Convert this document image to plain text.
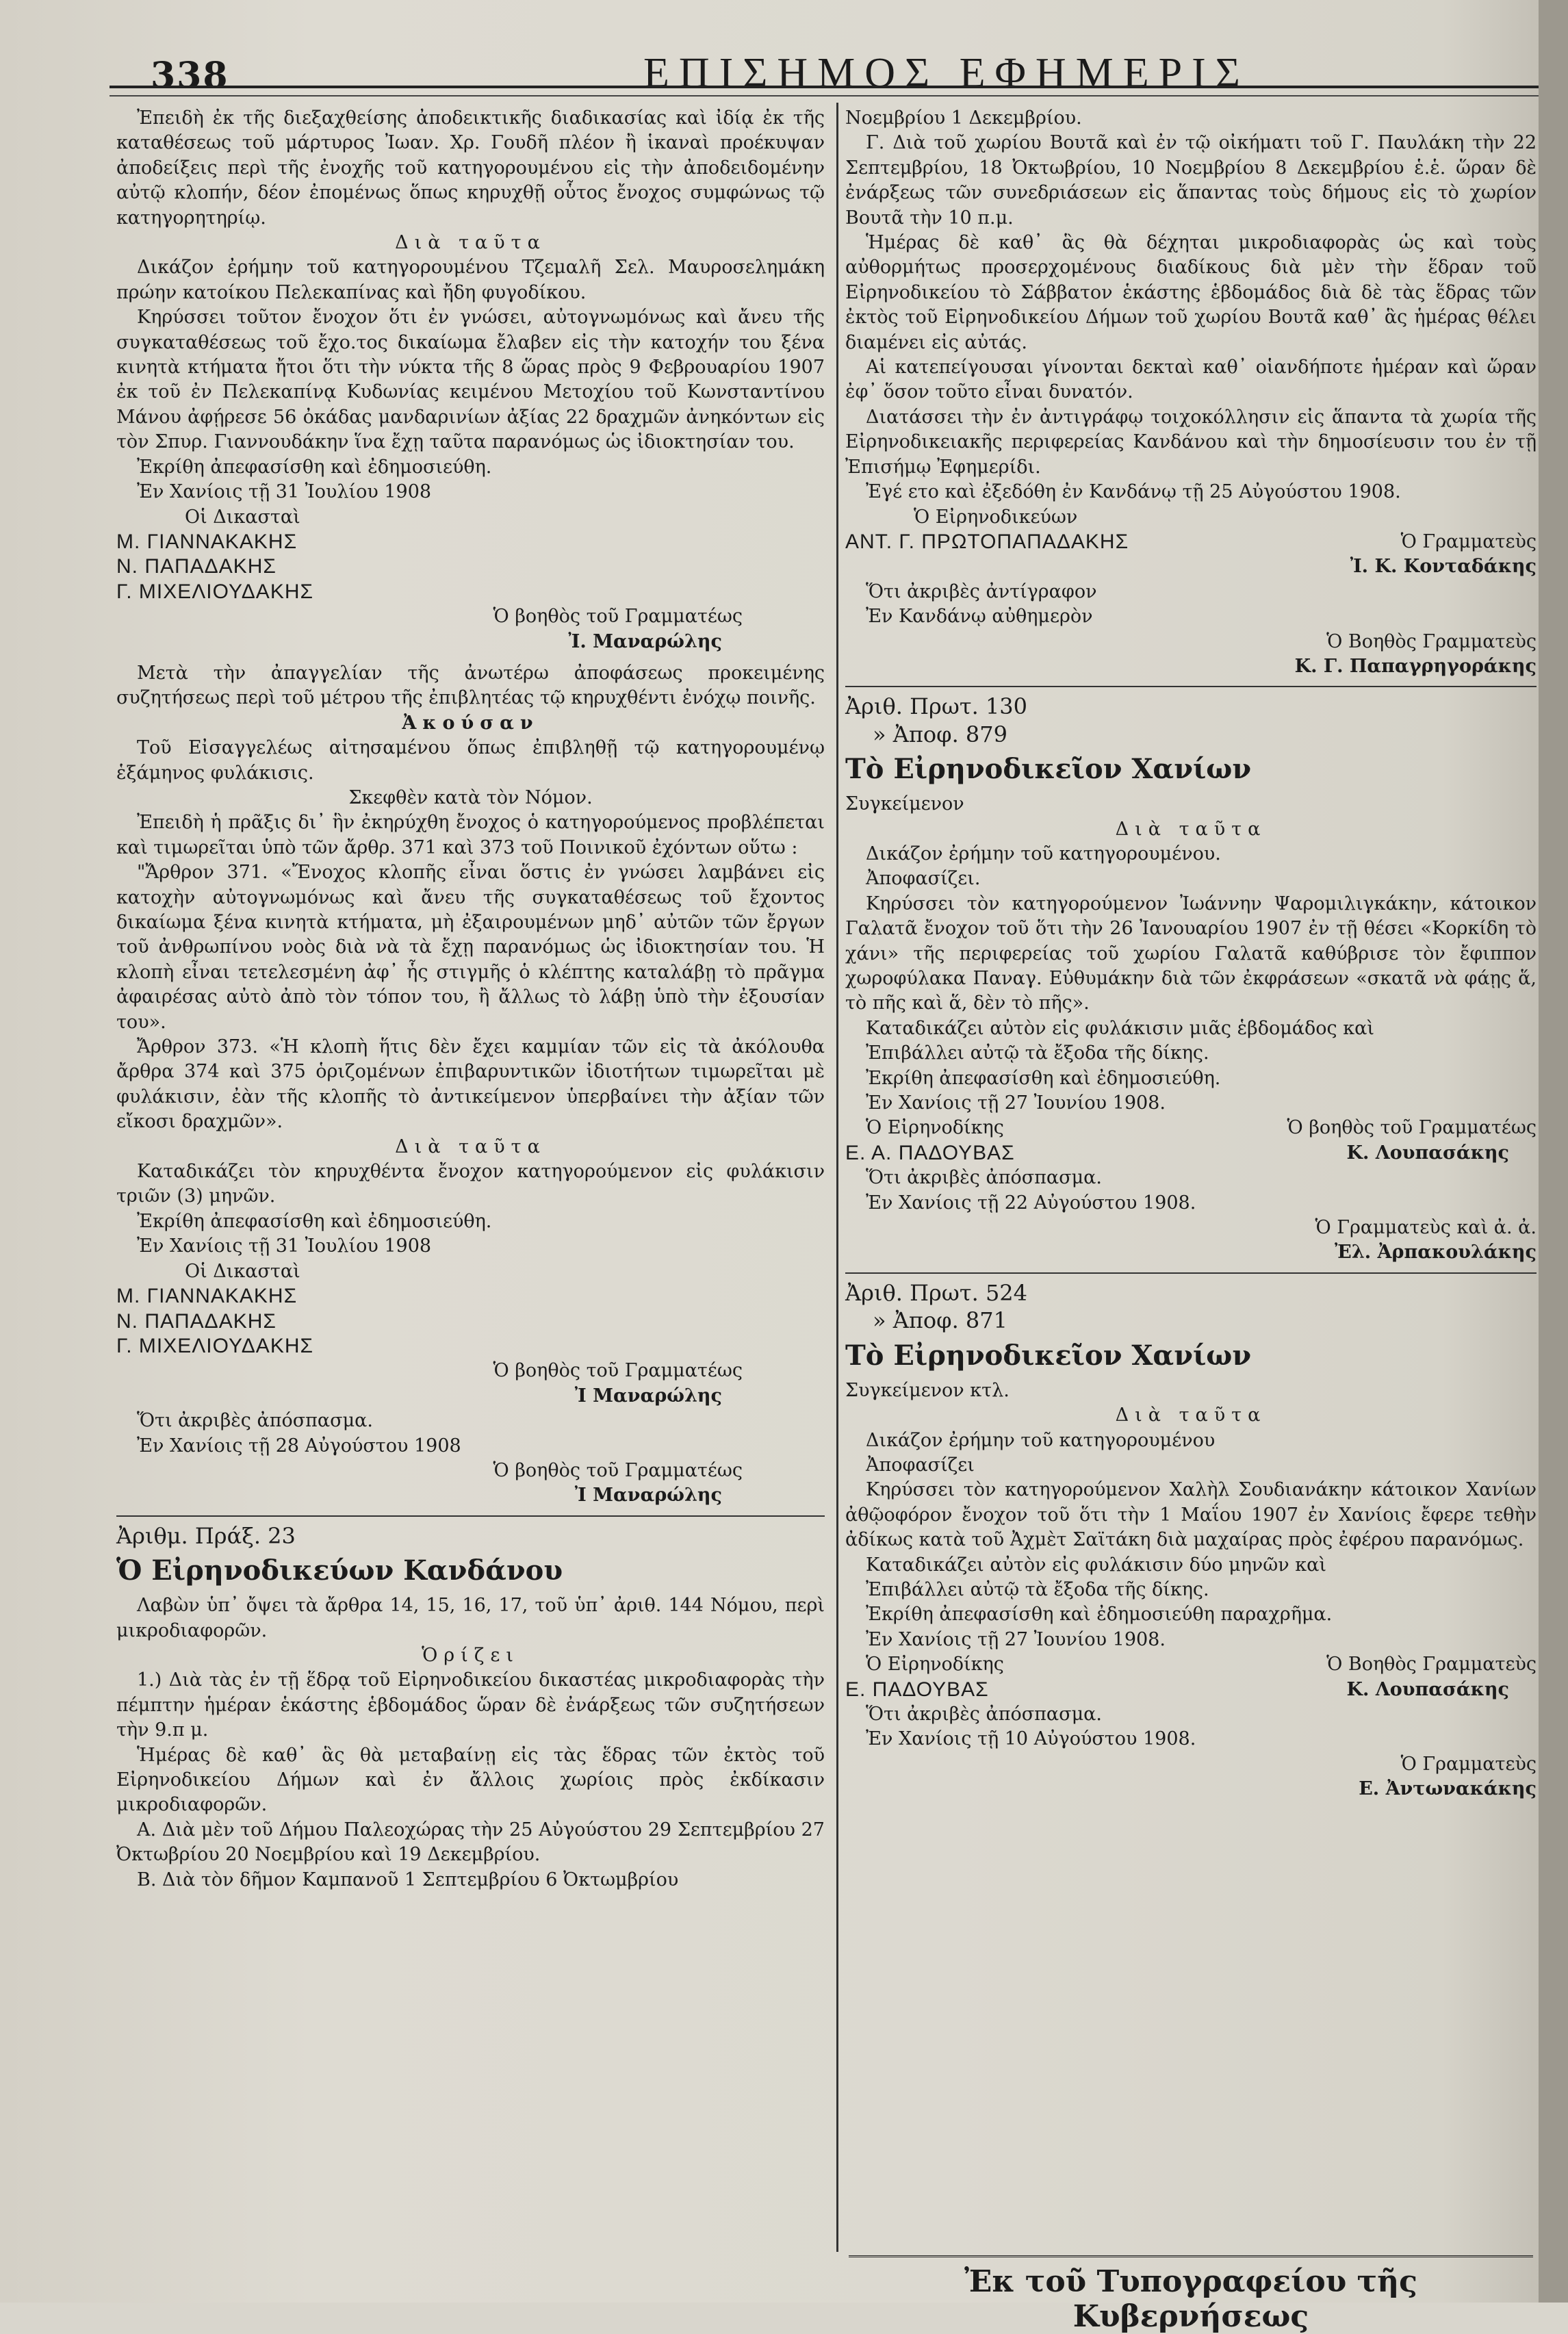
338	ΕΠΙΣΗΜΟΣ ΕΦΗΜΕΡΙΣ

Ἐπειδὴ ἐκ τῆς διεξαχθείσης ἀποδεικτικῆς διαδικασίας καὶ ἰδίᾳ ἐκ τῆς καταθέσεως τοῦ μάρτυρος Ἰωαν. Χρ. Γουδῆ πλέον ἢ ἱκαναὶ προέκυψαν ἀποδείξεις περὶ τῆς ἐνοχῆς τοῦ κατηγορουμένου εἰς τὴν ἀποδειδομένην αὐτῷ κλοπήν, δέον ἐπομένως ὅπως κηρυχθῇ οὗτος ἔνοχος συμφώνως τῷ κατηγορητηρίῳ.

Διὰ ταῦτα

Δικάζον ἐρήμην τοῦ κατηγορουμένου Τζεμαλῆ Σελ. Μαυροσελημάκη πρώην κατοίκου Πελεκαπίνας καὶ ἤδη φυγοδίκου.

Κηρύσσει τοῦτον ἔνοχον ὅτι ἐν γνώσει, αὐτογνωμόνως καὶ ἄνευ τῆς συγκαταθέσεως τοῦ ἔχο.τος δικαίωμα ἔλαβεν εἰς τὴν κατοχήν του ξένα κινητὰ κτήματα ἤτοι ὅτι τὴν νύκτα τῆς 8 ὥρας πρὸς 9 Φεβρουαρίου 1907 ἐκ τοῦ ἐν Πελεκαπίνᾳ Κυδωνίας κειμένου Μετοχίου τοῦ Κωνσταντίνου Μάνου ἀφῄρεσε 56 ὀκάδας μανδαρινίων ἀξίας 22 δραχμῶν ἀνηκόντων εἰς τὸν Σπυρ. Γιαννουδάκην ἵνα ἔχῃ ταῦτα παρανόμως ὡς ἰδιοκτησίαν του.

Ἐκρίθη ἀπεφασίσθη καὶ ἐδημοσιεύθη.

Ἐν Χανίοις τῇ 31 Ἰουλίου 1908

Οἱ Δικασταὶ

Μ. ΓΙΑΝΝΑΚΑΚΗΣ

Ν. ΠΑΠΑΔΑΚΗΣ

Γ. ΜΙΧΕΛΙΟΥΔΑΚΗΣ

Ὁ βοηθὸς τοῦ Γραμματέως

Ἰ. Μαναρώλης

Μετὰ τὴν ἀπαγγελίαν τῆς ἀνωτέρω ἀποφάσεως προκειμένης συζητήσεως περὶ τοῦ μέτρου τῆς ἐπιβλητέας τῷ κηρυχθέντι ἐνόχῳ ποινῆς.

Ἀκούσαν

Τοῦ Εἰσαγγελέως αἰτησαμένου ὅπως ἐπιβληθῇ τῷ κατηγορουμένῳ ἑξάμηνος φυλάκισις.

Σκεφθὲν κατὰ τὸν Νόμον.

Ἐπειδὴ ἡ πρᾶξις δι᾽ ἣν ἐκηρύχθη ἔνοχος ὁ κατηγορούμενος προβλέπεται καὶ τιμωρεῖται ὑπὸ τῶν ἄρθρ. 371 καὶ 373 τοῦ Ποινικοῦ ἐχόντων οὕτω :

"Ἄρθρον 371. «Ἔνοχος κλοπῆς εἶναι ὅστις ἐν γνώσει λαμβάνει εἰς κατοχὴν αὐτογνωμόνως καὶ ἄνευ τῆς συγκαταθέσεως τοῦ ἔχοντος δικαίωμα ξένα κινητὰ κτήματα, μὴ ἐξαιρουμένων μηδ᾽ αὐτῶν τῶν ἔργων τοῦ ἀνθρωπίνου νοὸς διὰ νὰ τὰ ἔχῃ παρανόμως ὡς ἰδιοκτησίαν του. Ἡ κλοπὴ εἶναι τετελεσμένη ἀφ᾽ ἧς στιγμῆς ὁ κλέπτης καταλάβῃ τὸ πρᾶγμα ἀφαιρέσας αὐτὸ ἀπὸ τὸν τόπον του, ἢ ἄλλως τὸ λάβῃ ὑπὸ τὴν ἐξουσίαν του».

Ἄρθρον 373. «Ἡ κλοπὴ ἥτις δὲν ἔχει καμμίαν τῶν εἰς τὰ ἀκόλουθα ἄρθρα 374 καὶ 375 ὁριζομένων ἐπιβαρυντικῶν ἰδιοτήτων τιμωρεῖται μὲ φυλάκισιν, ἐὰν τῆς κλοπῆς τὸ ἀντικείμενον ὑπερβαίνει τὴν ἀξίαν τῶν εἴκοσι δραχμῶν».

Διὰ ταῦτα

Καταδικάζει τὸν κηρυχθέντα ἔνοχον κατηγορούμενον εἰς φυλάκισιν τριῶν (3) μηνῶν.

Ἐκρίθη ἀπεφασίσθη καὶ ἐδημοσιεύθη.

Ἐν Χανίοις τῇ 31 Ἰουλίου 1908

Οἱ Δικασταὶ

Μ. ΓΙΑΝΝΑΚΑΚΗΣ

Ν. ΠΑΠΑΔΑΚΗΣ

Γ. ΜΙΧΕΛΙΟΥΔΑΚΗΣ

Ὁ βοηθὸς τοῦ Γραμματέως

Ἰ Μαναρώλης

Ὅτι ἀκριβὲς ἀπόσπασμα.

Ἐν Χανίοις τῇ 28 Αὐγούστου 1908

Ὁ βοηθὸς τοῦ Γραμματέως

Ἰ Μαναρώλης

Ἀριθμ. Πράξ. 23

Ὁ Εἰρηνοδικεύων Κανδάνου

Λαβὼν ὑπ᾽ ὄψει τὰ ἄρθρα 14, 15, 16, 17, τοῦ ὑπ᾽ ἀριθ. 144 Νόμου, περὶ μικροδιαφορῶν.

Ὁρίζει

1.) Διὰ τὰς ἐν τῇ ἕδρᾳ τοῦ Εἰρηνοδικείου δικαστέας μικροδιαφορὰς τὴν πέμπτην ἡμέραν ἑκάστης ἑβδομάδος ὥραν δὲ ἐνάρξεως τῶν συζητήσεων τὴν 9.π μ.

Ἡμέρας δὲ καθ᾽ ἃς θὰ μεταβαίνῃ εἰς τὰς ἕδρας τῶν ἐκτὸς τοῦ Εἰρηνοδικείου Δήμων καὶ ἐν ἄλλοις χωρίοις πρὸς ἐκδίκασιν μικροδιαφορῶν.

Α. Διὰ μὲν τοῦ Δήμου Παλεοχώρας τὴν 25 Αὐγούστου 29 Σεπτεμβρίου 27 Ὀκτωβρίου 20 Νοεμβρίου καὶ 19 Δεκεμβρίου.

Β. Διὰ τὸν δῆμον Καμπανοῦ 1 Σεπτεμβρίου 6 Ὀκτωμβρίου

Νοεμβρίου 1 Δεκεμβρίου.

Γ. Διὰ τοῦ χωρίου Βουτᾶ καὶ ἐν τῷ οἰκήματι τοῦ Γ. Παυλάκη τὴν 22 Σεπτεμβρίου, 18 Ὀκτωβρίου, 10 Νοεμβρίου 8 Δεκεμβρίου ἑ.ἑ. ὥραν δὲ ἐνάρξεως τῶν συνεδριάσεων εἰς ἅπαντας τοὺς δήμους εἰς τὸ χωρίον Βουτᾶ τὴν 10 π.μ.

Ἡμέρας δὲ καθ᾽ ἃς θὰ δέχηται μικροδιαφορὰς ὡς καὶ τοὺς αὐθορμήτως προσερχομένους διαδίκους διὰ μὲν τὴν ἕδραν τοῦ Εἰρηνοδικείου τὸ Σάββατον ἑκάστης ἑβδομάδος διὰ δὲ τὰς ἕδρας τῶν ἐκτὸς τοῦ Εἰρηνοδικείου Δήμων τοῦ χωρίου Βουτᾶ καθ᾽ ἃς ἡμέρας θέλει διαμένει εἰς αὐτάς.

Αἱ κατεπείγουσαι γίνονται δεκταὶ καθ᾽ οἱανδήποτε ἡμέραν καὶ ὥραν ἐφ᾽ ὅσον τοῦτο εἶναι δυνατόν.

Διατάσσει τὴν ἐν ἀντιγράφῳ τοιχοκόλλησιν εἰς ἅπαντα τὰ χωρία τῆς Εἰρηνοδικειακῆς περιφερείας Κανδάνου καὶ τὴν δημοσίευσιν του ἐν τῇ Ἐπισήμῳ Ἐφημερίδι.

Ἐγέ ετο καὶ ἐξεδόθη ἐν Κανδάνῳ τῇ 25 Αὐγούστου 1908.

Ὁ Εἰρηνοδικεύων

ΑΝΤ. Γ. ΠΡΩΤΟΠΑΠΑΔΑΚΗΣ	Ὁ Γραμματεὺς

Ἰ. Κ. Κονταδάκης

Ὅτι ἀκριβὲς ἀντίγραφον

Ἐν Κανδάνῳ αὐθημερὸν

Ὁ Βοηθὸς Γραμματεὺς

Κ. Γ. Παπαγρηγοράκης

Ἀριθ. Πρωτ. 130

» Ἀποφ. 879

Τὸ Εἰρηνοδικεῖον Χανίων

Συγκείμενον

Διὰ ταῦτα

Δικάζον ἐρήμην τοῦ κατηγορουμένου.

Ἀποφασίζει.

Κηρύσσει τὸν κατηγορούμενον Ἰωάννην Ψαρομιλιγκάκην, κάτοικον Γαλατᾶ ἔνοχον τοῦ ὅτι τὴν 26 Ἰανουαρίου 1907 ἐν τῇ θέσει «Κορκίδη τὸ χάνι» τῆς περιφερείας τοῦ χωρίου Γαλατᾶ καθύβρισε τὸν ἔφιππον χωροφύλακα Παναγ. Εὐθυμάκην διὰ τῶν ἐκφράσεων «σκατᾶ νὰ φάῃς ἅ, τὸ πῆς καὶ ἅ, δὲν τὸ πῆς».

Καταδικάζει αὐτὸν εἰς φυλάκισιν μιᾶς ἑβδομάδος καὶ

Ἐπιβάλλει αὐτῷ τὰ ἔξοδα τῆς δίκης.

Ἐκρίθη ἀπεφασίσθη καὶ ἐδημοσιεύθη.

Ἐν Χανίοις τῇ 27 Ἰουνίου 1908.

Ὁ Εἰρηνοδίκης	Ὁ βοηθὸς τοῦ Γραμματέως
Ε. Α. ΠΑΔΟΥΒΑΣ	Κ. Λουπασάκης

Ὅτι ἀκριβὲς ἀπόσπασμα.

Ἐν Χανίοις τῇ 22 Αὐγούστου 1908.

Ὁ Γραμματεὺς καὶ ἀ. ἀ.

Ἐλ. Ἀρπακουλάκης

Ἀριθ. Πρωτ. 524

» Ἀποφ. 871

Τὸ Εἰρηνοδικεῖον Χανίων

Συγκείμενον κτλ.

Διὰ ταῦτα

Δικάζον ἐρήμην τοῦ κατηγορουμένου

Ἀποφασίζει

Κηρύσσει τὸν κατηγορούμενον Χαλὴλ Σουδιανάκην κάτοικον Χανίων ἀθῷοφόρον ἔνοχον τοῦ ὅτι τὴν 1 Μαΐου 1907 ἐν Χανίοις ἔφερε τεθὴν ἀδίκως κατὰ τοῦ Ἀχμὲτ Σαϊτάκη διὰ μαχαίρας πρὸς ἐφέρου παρανόμως.

Καταδικάζει αὐτὸν εἰς φυλάκισιν δύο μηνῶν καὶ

Ἐπιβάλλει αὐτῷ τὰ ἔξοδα τῆς δίκης.

Ἐκρίθη ἀπεφασίσθη καὶ ἐδημοσιεύθη παραχρῆμα.

Ἐν Χανίοις τῇ 27 Ἰουνίου 1908.

Ὁ Εἰρηνοδίκης	Ὁ Βοηθὸς Γραμματεὺς
Ε. ΠΑΔΟΥΒΑΣ	Κ. Λουπασάκης

Ὅτι ἀκριβὲς ἀπόσπασμα.

Ἐν Χανίοις τῇ 10 Αὐγούστου 1908.

Ὁ Γραμματεὺς

Ε. Ἀντωνακάκης

Ἐκ τοῦ Τυπογραφείου τῆς Κυβερνήσεως
